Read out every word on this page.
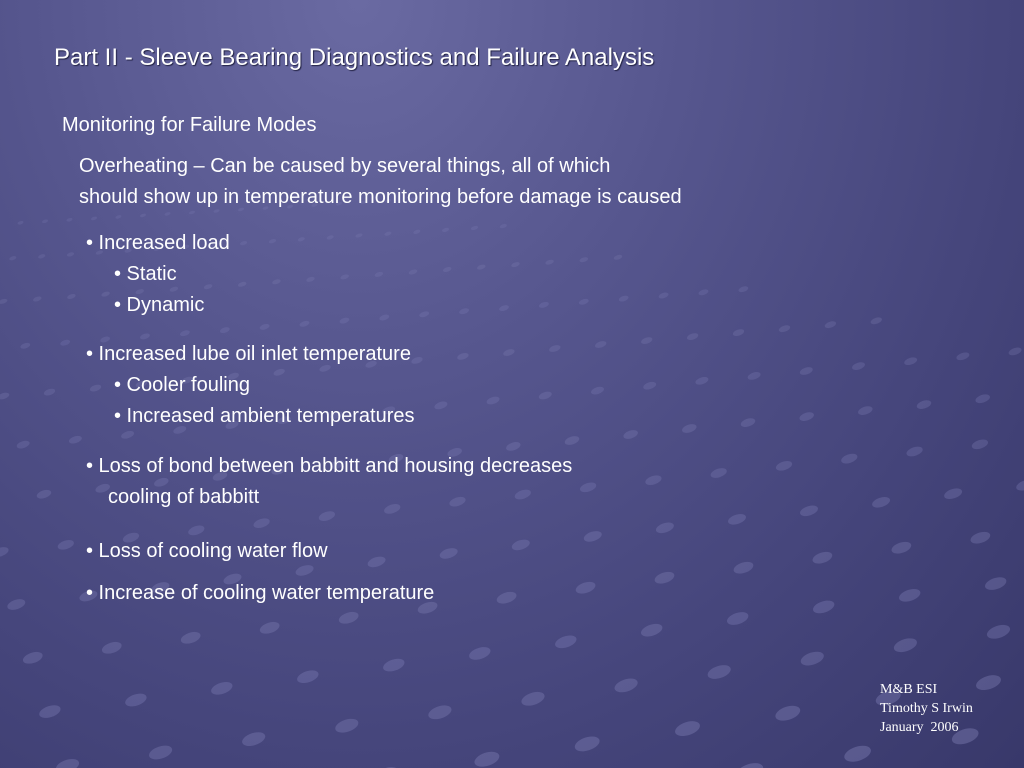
Part II - Sleeve Bearing Diagnostics and Failure Analysis
Monitoring for Failure Modes
Overheating – Can be caused by several things, all of which
should show up in temperature monitoring before damage is caused
• Increased load
• Static
• Dynamic
• Increased lube oil inlet temperature
• Cooler fouling
• Increased ambient temperatures
• Loss of bond between babbitt and housing decreases
cooling of babbitt
• Loss of cooling water flow
• Increase of cooling water temperature
M&B ESI
Timothy S Irwin
January  2006
